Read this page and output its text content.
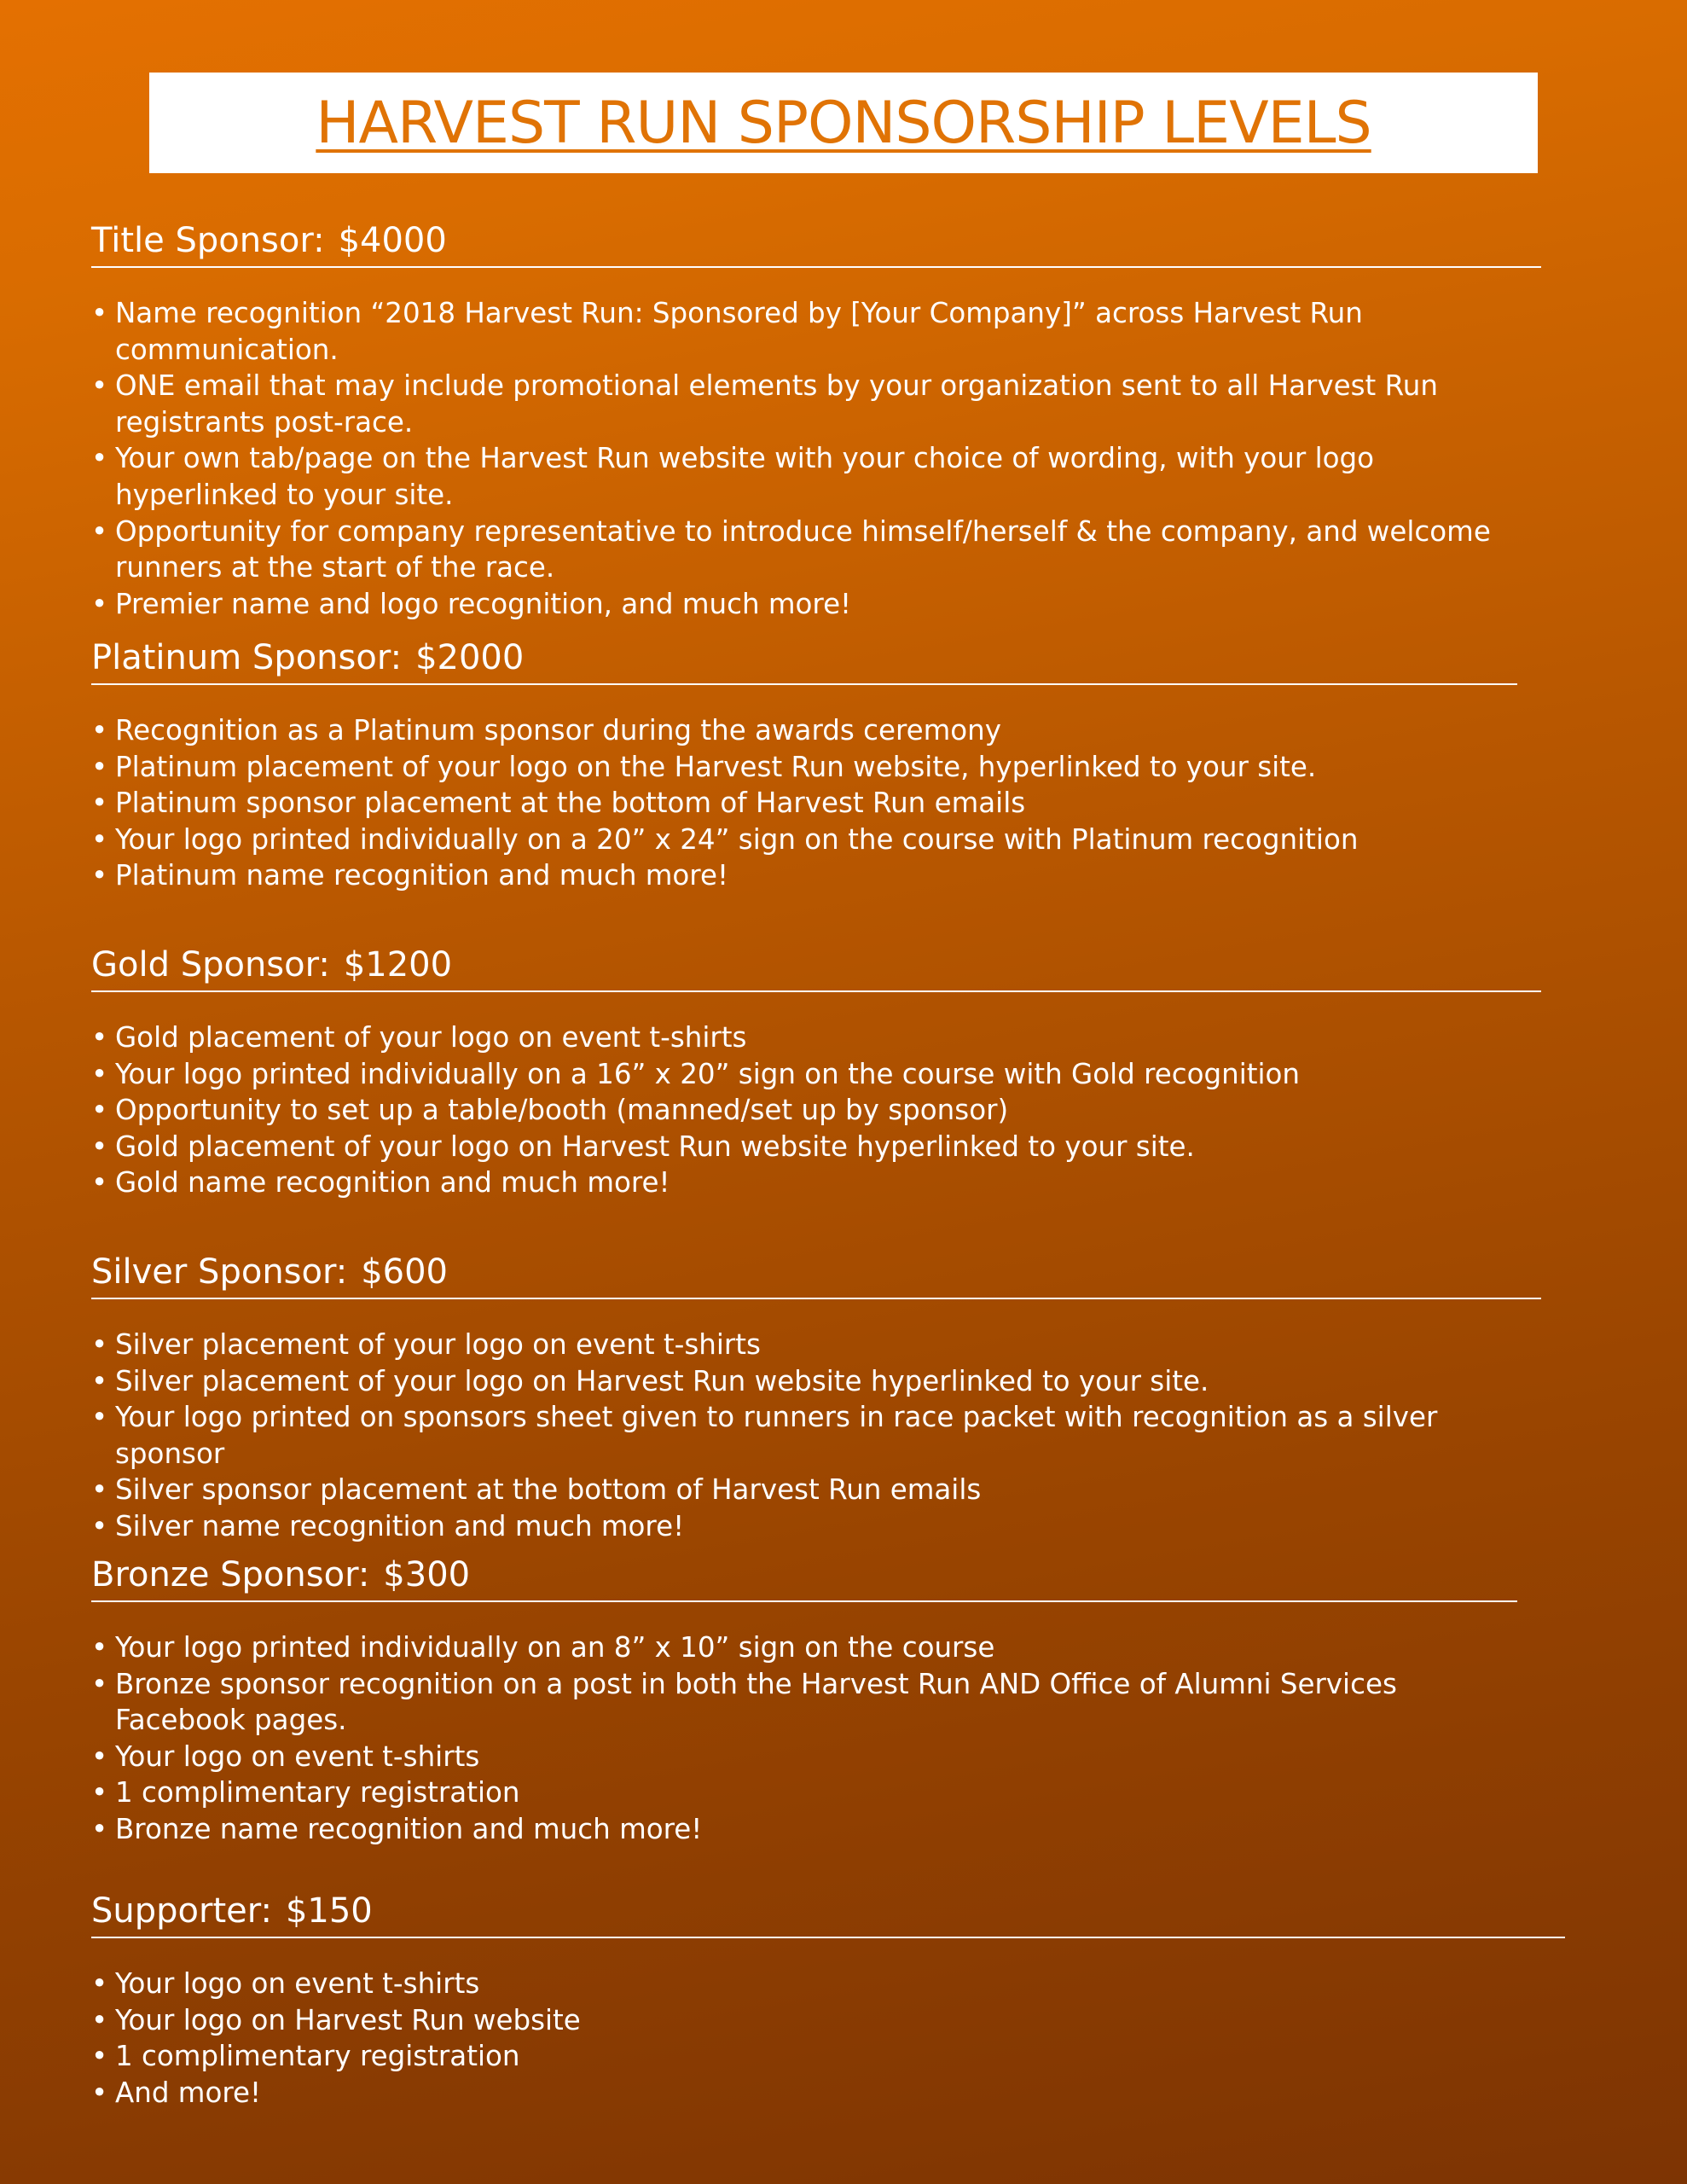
HARVEST RUN SPONSORSHIP LEVELS
Title Sponsor: $4000
• Name recognition “2018 Harvest Run: Sponsored by [Your Company]” across Harvest Run communication.
• ONE email that may include promotional elements by your organization sent to all Harvest Run registrants post-race.
• Your own tab/page on the Harvest Run website with your choice of wording, with your logo hyperlinked to your site.
• Opportunity for company representative to introduce himself/herself & the company, and welcome runners at the start of the race.
• Premier name and logo recognition, and much more!
Platinum Sponsor: $2000
• Recognition as a Platinum sponsor during the awards ceremony
• Platinum placement of your logo on the Harvest Run website, hyperlinked to your site.
• Platinum sponsor placement at the bottom of Harvest Run emails
• Your logo printed individually on a 20” x 24” sign on the course with Platinum recognition
• Platinum name recognition and much more!
Gold Sponsor: $1200
• Gold placement of your logo on event t-shirts
• Your logo printed individually on a 16” x 20” sign on the course with Gold recognition
• Opportunity to set up a table/booth (manned/set up by sponsor)
• Gold placement of your logo on Harvest Run website hyperlinked to your site.
• Gold name recognition and much more!
Silver Sponsor: $600
• Silver placement of your logo on event t-shirts
• Silver placement of your logo on Harvest Run website hyperlinked to your site.
• Your logo printed on sponsors sheet given to runners in race packet with recognition as a silver sponsor
• Silver sponsor placement at the bottom of Harvest Run emails
• Silver name recognition and much more!
Bronze Sponsor: $300
• Your logo printed individually on an 8” x 10” sign on the course
• Bronze sponsor recognition on a post in both the Harvest Run AND Office of Alumni Services Facebook pages.
• Your logo on event t-shirts
• 1 complimentary registration
• Bronze name recognition and much more!
Supporter: $150
• Your logo on event t-shirts
• Your logo on Harvest Run website
• 1 complimentary registration
• And more!
